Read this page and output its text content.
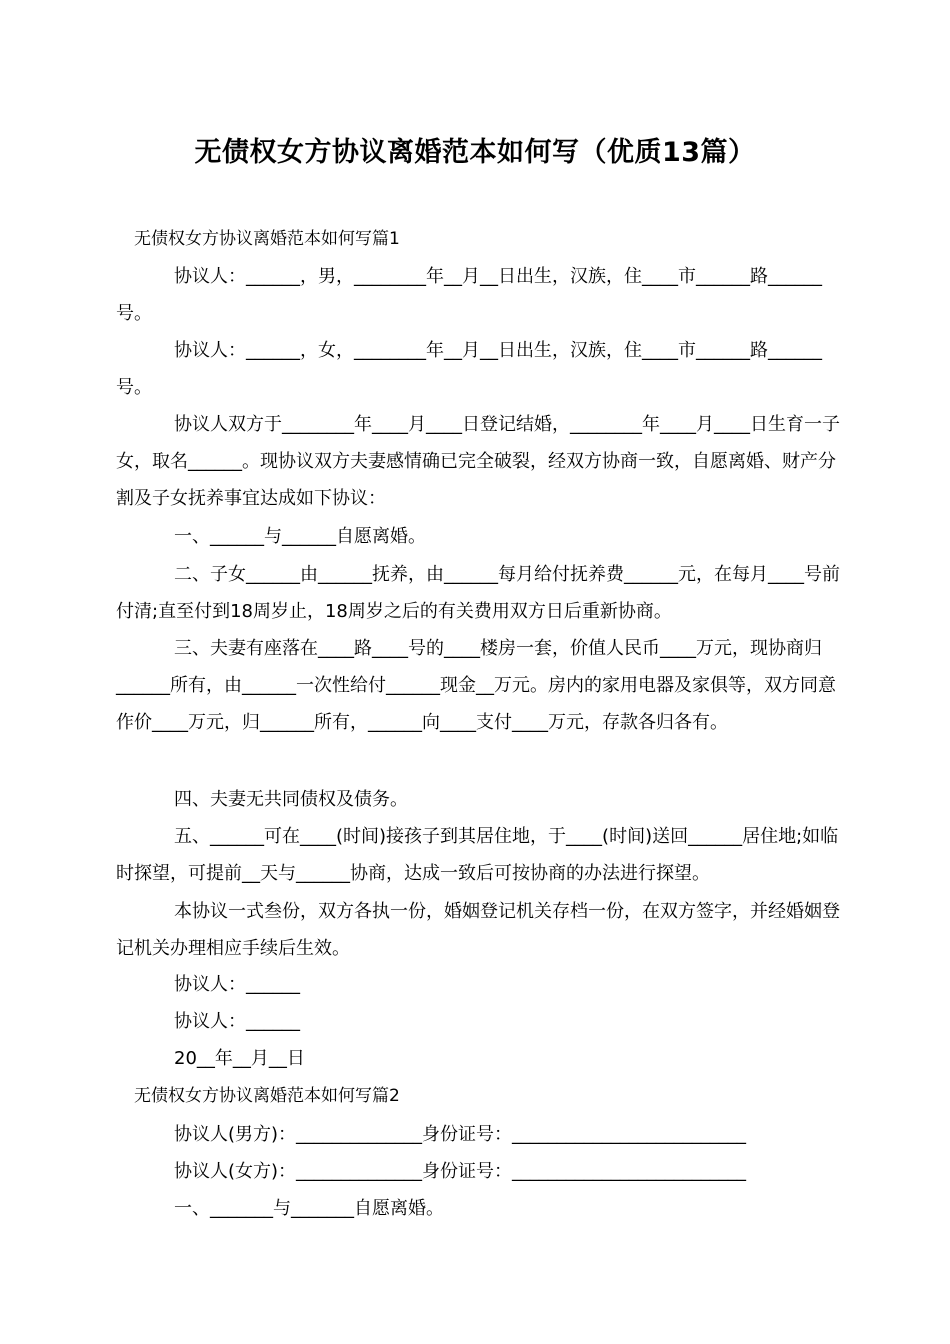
无债权女方协议离婚范本如何写（优质13篇）
无债权女方协议离婚范本如何写篇1
协议人：______，男，________年__月__日出生，汉族，住____市______路______号。
协议人：______，女，________年__月__日出生，汉族，住____市______路______号。
协议人双方于________年____月____日登记结婚，________年____月____日生育一子女，取名______。现协议双方夫妻感情确已完全破裂，经双方协商一致，自愿离婚、财产分割及子女抚养事宜达成如下协议：
一、______与______自愿离婚。
二、子女______由______抚养，由______每月给付抚养费______元，在每月____号前付清;直至付到18周岁止，18周岁之后的有关费用双方日后重新协商。
三、夫妻有座落在____路____号的____楼房一套，价值人民币____万元，现协商归______所有，由______一次性给付______现金__万元。房内的家用电器及家俱等，双方同意作价____万元，归______所有，______向____支付____万元，存款各归各有。
四、夫妻无共同债权及债务。
五、______可在____(时间)接孩子到其居住地，于____(时间)送回______居住地;如临时探望，可提前__天与______协商，达成一致后可按协商的办法进行探望。
本协议一式叁份，双方各执一份，婚姻登记机关存档一份，在双方签字，并经婚姻登记机关办理相应手续后生效。
协议人：______
协议人：______
20__年__月__日
无债权女方协议离婚范本如何写篇2
协议人(男方)：______________身份证号：__________________________
协议人(女方)：______________身份证号：__________________________
一、_______与_______自愿离婚。
